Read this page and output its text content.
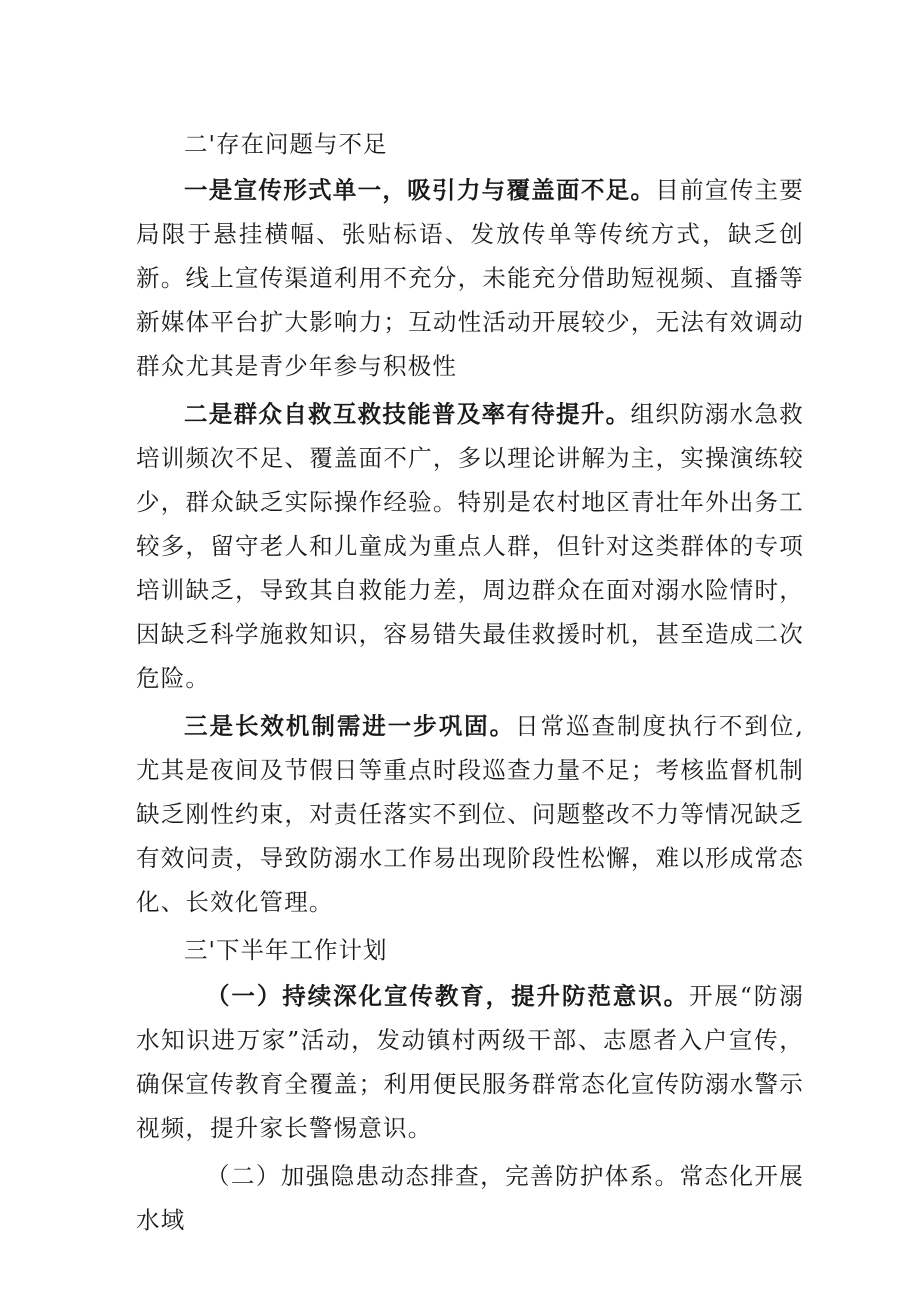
二'存在问题与不足

一是宣传形式单一，吸引力与覆盖面不足。目前宣传主要局限于悬挂横幅、张贴标语、发放传单等传统方式，缺乏创新。线上宣传渠道利用不充分，未能充分借助短视频、直播等新媒体平台扩大影响力；互动性活动开展较少，无法有效调动群众尤其是青少年参与积极性

二是群众自救互救技能普及率有待提升。组织防溺水急救培训频次不足、覆盖面不广，多以理论讲解为主，实操演练较少，群众缺乏实际操作经验。特别是农村地区青壮年外出务工较多，留守老人和儿童成为重点人群，但针对这类群体的专项培训缺乏，导致其自救能力差，周边群众在面对溺水险情时，因缺乏科学施救知识，容易错失最佳救援时机，甚至造成二次危险。

三是长效机制需进一步巩固。日常巡查制度执行不到位,尤其是夜间及节假日等重点时段巡查力量不足；考核监督机制缺乏刚性约束，对责任落实不到位、问题整改不力等情况缺乏有效问责，导致防溺水工作易出现阶段性松懈，难以形成常态化、长效化管理。

三'下半年工作计划

（一）持续深化宣传教育，提升防范意识。开展“防溺水知识进万家”活动，发动镇村两级干部、志愿者入户宣传，确保宣传教育全覆盖；利用便民服务群常态化宣传防溺水警示视频，提升家长警惕意识。

（二）加强隐患动态排查，完善防护体系。常态化开展水域
